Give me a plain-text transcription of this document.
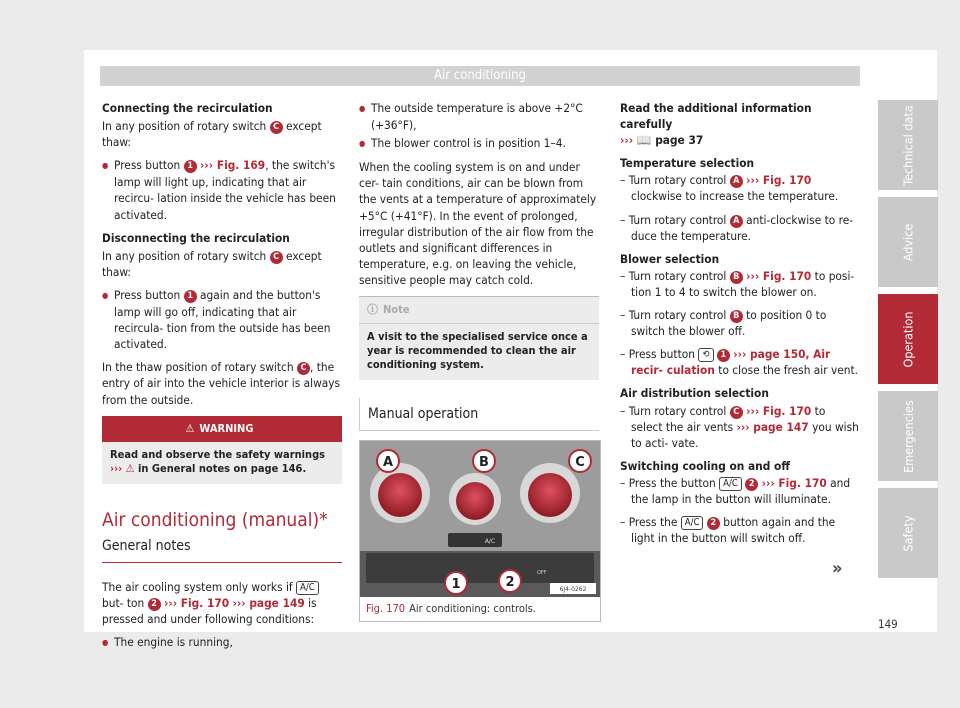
Air conditioning

Connecting the recirculation

In any position of rotary switch C except thaw:

● Press button 1 ››› Fig. 169, the switch's lamp will light up, indicating that air recircu- lation inside the vehicle has been activated.

Disconnecting the recirculation

In any position of rotary switch C except thaw:

● Press button 1 again and the button's lamp will go off, indicating that air recircula- tion from the outside has been activated.

In the thaw position of rotary switch C , the entry of air into the vehicle interior is always from the outside.

⚠ WARNING
Read and observe the safety warnings ››› ⚠ in General notes on page 146.
Air conditioning (manual)*
General notes

The air cooling system only works if A/C but- ton 2 ››› Fig. 170 ››› page 149 is pressed and under following conditions:

● The engine is running,

● The outside temperature is above +2°C (+36°F),

● The blower control is in position 1–4.

When the cooling system is on and under cer- tain conditions, air can be blown from the vents at a temperature of approximately +5°C (+41°F). In the event of prolonged, irregular distribution of the air flow from the outlets and significant differences in temperature, e.g. on leaving the vehicle, sensitive people may catch cold.

ⓘ Note
A visit to the specialised service once a year is recommended to clean the air conditioning system.
Manual operation
A/C
OFF
6J4-0262
A	B	C
1	2
Fig. 170 Air conditioning: controls.

Read the additional information carefully
››› 📖 page 37

Temperature selection

– Turn rotary control A ››› Fig. 170 clockwise to increase the temperature.

– Turn rotary control A anti-clockwise to re- duce the temperature.

Blower selection

– Turn rotary control B ››› Fig. 170 to posi- tion 1 to 4 to switch the blower on.

– Turn rotary control B to position 0 to switch the blower off.

– Press button ⟲ 1 ››› page 150, Air recir- culation to close the fresh air vent.

Air distribution selection

– Turn rotary control C ››› Fig. 170 to select the air vents ››› page 147 you wish to acti- vate.

Switching cooling on and off

– Press the button A/C 2 ››› Fig. 170 and the lamp in the button will illuminate.

– Press the A/C 2 button again and the light in the button will switch off.

Technical data
Advice
Operation
Emergencies
Safety
»
149
